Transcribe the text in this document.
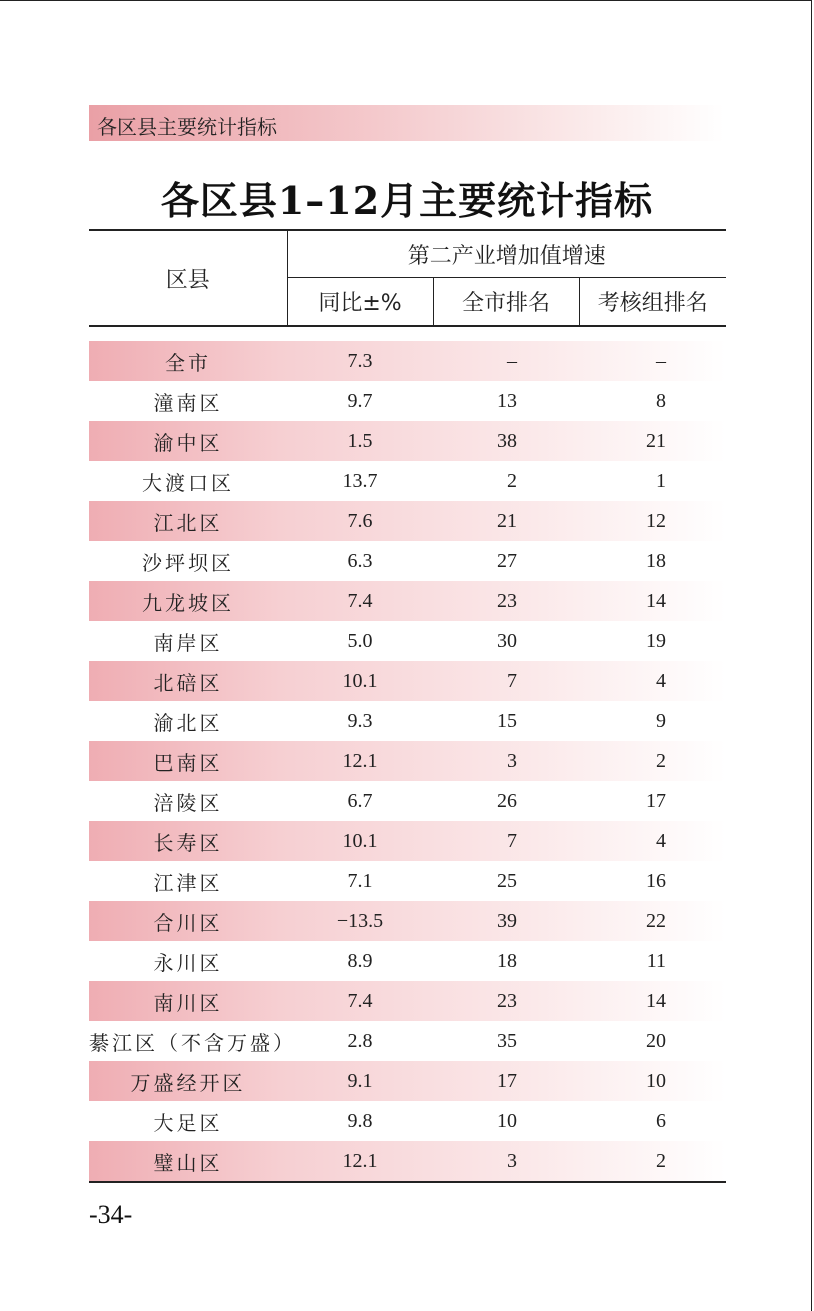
各区县主要统计指标
各区县1–12月主要统计指标
区县	第二产业增加值增速		
	同比±%	全市排名	考核组排名

全市	7.3	–	–
潼南区	9.7	13	8
渝中区	1.5	38	21
大渡口区	13.7	2	1
江北区	7.6	21	12
沙坪坝区	6.3	27	18
九龙坡区	7.4	23	14
南岸区	5.0	30	19
北碚区	10.1	7	4
渝北区	9.3	15	9
巴南区	12.1	3	2
涪陵区	6.7	26	17
长寿区	10.1	7	4
江津区	7.1	25	16
合川区	−13.5	39	22
永川区	8.9	18	11
南川区	7.4	23	14
綦江区（不含万盛）	2.8	35	20
万盛经开区	9.1	17	10
大足区	9.8	10	6
璧山区	12.1	3	2

-34-
